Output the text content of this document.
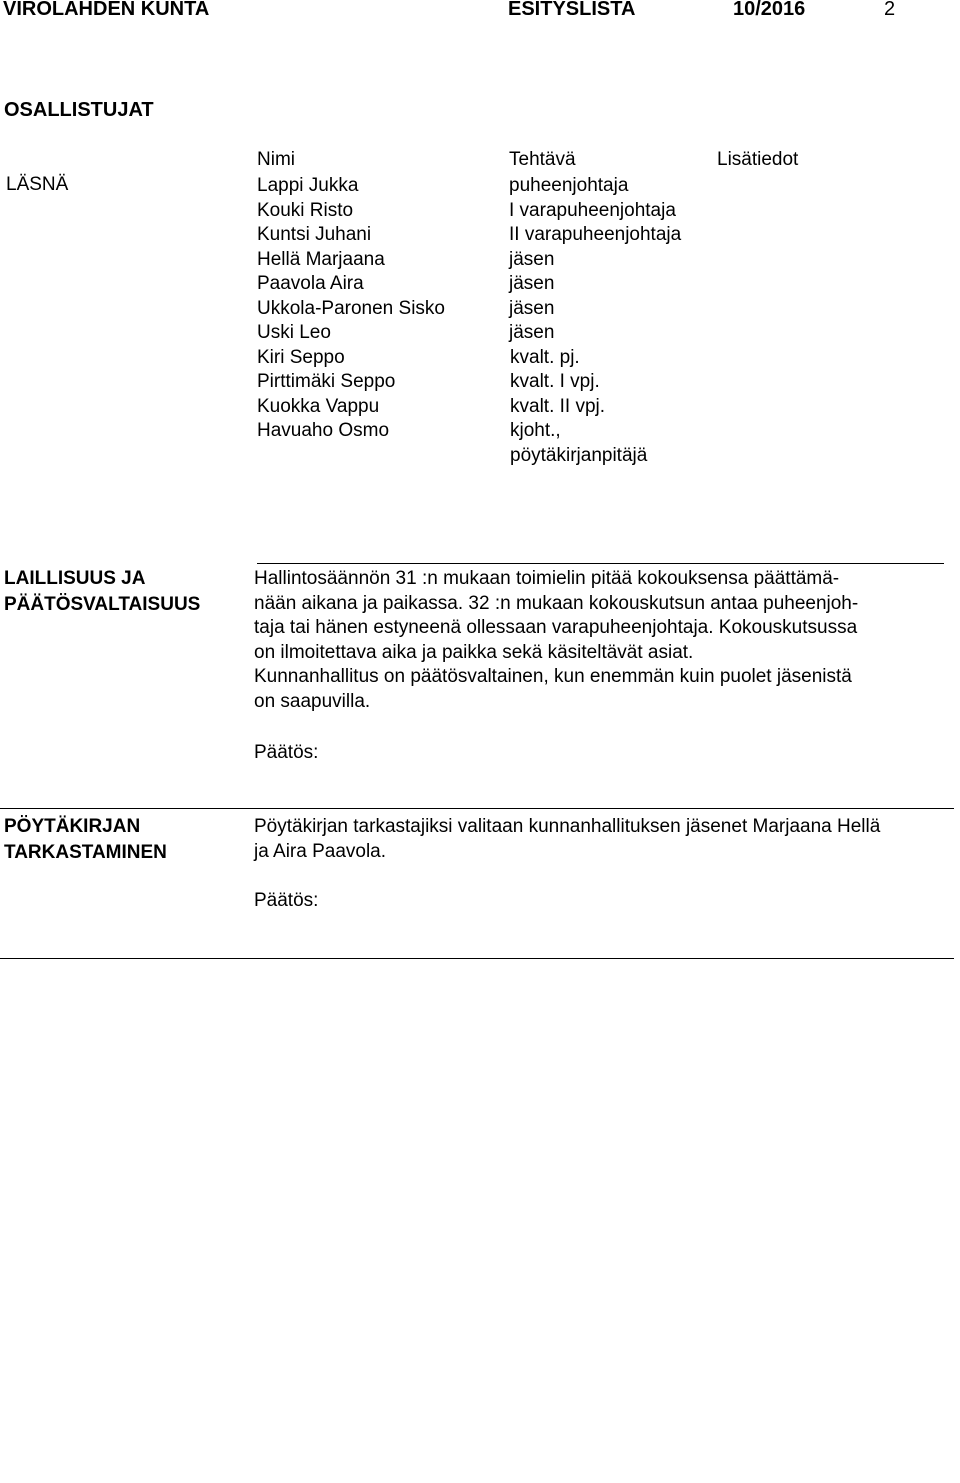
VIROLAHDEN KUNTA	ESITYSLISTA	10/2016	2
OSALLISTUJAT
Nimi	Tehtävä	Lisätiedot
LÄSNÄ	Lappi Jukka	puheenjohtaja
Kouki Risto	I varapuheenjohtaja
Kuntsi Juhani	II varapuheenjohtaja
Hellä Marjaana	jäsen
Paavola Aira	jäsen
Ukkola-Paronen Sisko	jäsen
Uski Leo	jäsen
Kiri Seppo	kvalt. pj.
Pirttimäki Seppo	kvalt. I vpj.
Kuokka Vappu	kvalt. II vpj.
Havuaho Osmo	kjoht.,
pöytäkirjanpitäjä
LAILLISUUS JA
PÄÄTÖSVALTAISUUS
Hallintosäännön 31 :n mukaan toimielin pitää kokouksensa päättämä-
nään aikana ja paikassa. 32 :n mukaan kokouskutsun antaa puheenjoh-
taja tai hänen estyneenä ollessaan varapuheenjohtaja. Kokouskutsussa
on ilmoitettava aika ja paikka sekä käsiteltävät asiat.
Kunnanhallitus on päätösvaltainen, kun enemmän kuin puolet jäsenistä
on saapuvilla.
Päätös:
PÖYTÄKIRJAN
TARKASTAMINEN
Pöytäkirjan tarkastajiksi valitaan kunnanhallituksen jäsenet Marjaana Hellä
ja Aira Paavola.
Päätös:
